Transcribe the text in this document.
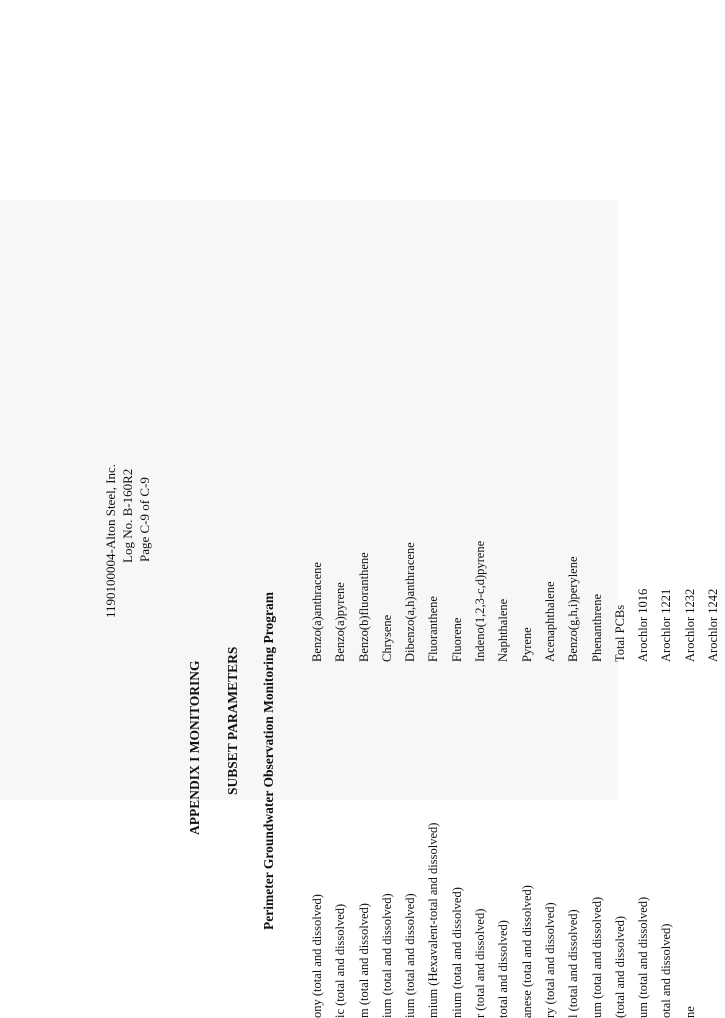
1190100004-Alton Steel, Inc. Log No. B-160R2 Page C-9 of C-9
APPENDIX I MONITORING SUBSET PARAMETERS Perimeter Groundwater Observation Monitoring Program
ony (total and dissolved) ic (total and dissolved) m (total and dissolved) ium (total and dissolved) ium (total and dissolved) mium (Hexavalent-total and dissolved) nium (total and dissolved) r (total and dissolved) total and dissolved) anese (total and dissolved) ry (total and dissolved) l (total and dissolved) um (total and dissolved) (total and dissolved) um (total and dissolved) otal and dissolved) ne
Benzo(a)anthracene Benzo(a)pyrene Benzo(b)fluoranthene Chrysene Dibenzo(a,h)anthracene Fluoranthene Fluorene Indeno(1,2,3-c,d)pyrene Naphthalene Pyrene Acenaphthalene Benzo(g,h,i)perylene Phenanthrene Total PCBs Arochlor 1016 Arochlor 1221 Arochlor 1232 Arochlor 1242
